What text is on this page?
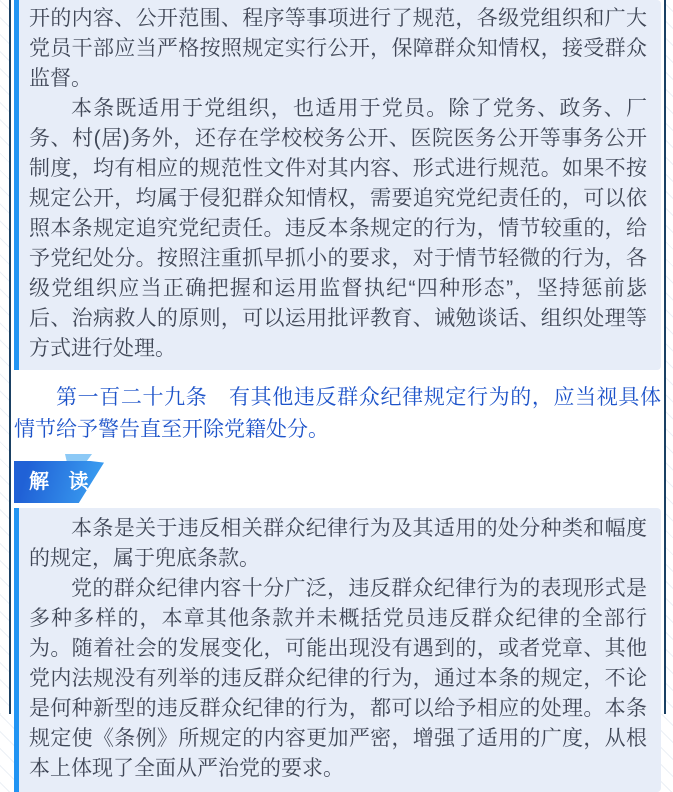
开的内容、公开范围、程序等事项进行了规范，各级党组织和广大党员干部应当严格按照规定实行公开，保障群众知情权，接受群众监督。

本条既适用于党组织，也适用于党员。除了党务、政务、厂务、村(居)务外，还存在学校校务公开、医院医务公开等事务公开制度，均有相应的规范性文件对其内容、形式进行规范。如果不按规定公开，均属于侵犯群众知情权，需要追究党纪责任的，可以依照本条规定追究党纪责任。违反本条规定的行为，情节较重的，给予党纪处分。按照注重抓早抓小的要求，对于情节轻微的行为，各级党组织应当正确把握和运用监督执纪“四种形态”，坚持惩前毖后、治病救人的原则，可以运用批评教育、诫勉谈话、组织处理等方式进行处理。

第一百二十九条　有其他违反群众纪律规定行为的，应当视具体情节给予警告直至开除党籍处分。

解 读

本条是关于违反相关群众纪律行为及其适用的处分种类和幅度的规定，属于兜底条款。

党的群众纪律内容十分广泛，违反群众纪律行为的表现形式是多种多样的，本章其他条款并未概括党员违反群众纪律的全部行为。随着社会的发展变化，可能出现没有遇到的，或者党章、其他党内法规没有列举的违反群众纪律的行为，通过本条的规定，不论是何种新型的违反群众纪律的行为，都可以给予相应的处理。本条规定使《条例》所规定的内容更加严密，增强了适用的广度，从根本上体现了全面从严治党的要求。
